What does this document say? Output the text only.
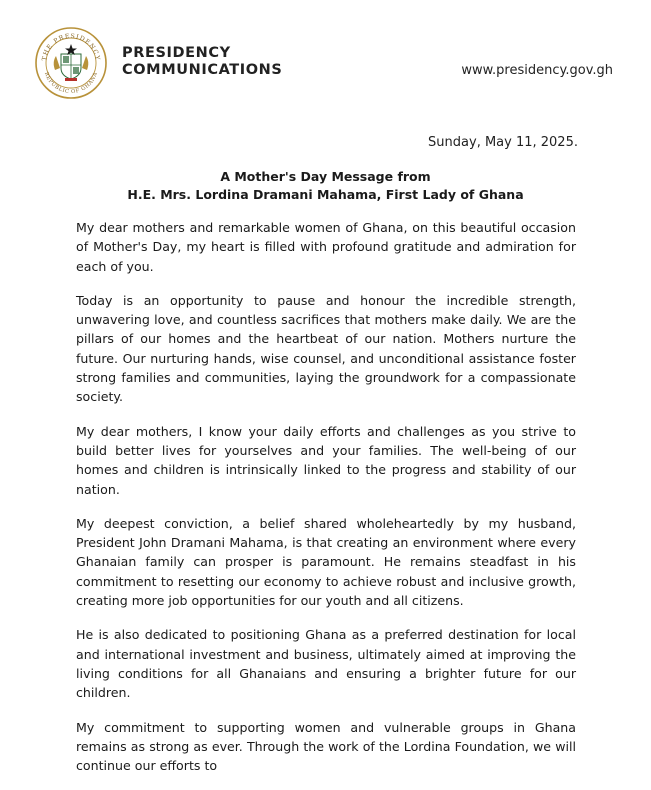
THE PRESIDENCY
REPUBLIC OF GHANA
PRESIDENCY
COMMUNICATIONS	www.presidency.gov.gh
Sunday, May 11, 2025.
A Mother's Day Message from
H.E. Mrs. Lordina Dramani Mahama, First Lady of Ghana

My dear mothers and remarkable women of Ghana, on this beautiful occasion of Mother's Day, my heart is filled with profound gratitude and admiration for each of you.

Today is an opportunity to pause and honour the incredible strength, unwavering love, and countless sacrifices that mothers make daily. We are the pillars of our homes and the heartbeat of our nation. Mothers nurture the future. Our nurturing hands, wise counsel, and unconditional assistance foster strong families and communities, laying the groundwork for a compassionate society.

My dear mothers, I know your daily efforts and challenges as you strive to build better lives for yourselves and your families. The well-being of our homes and children is intrinsically linked to the progress and stability of our nation.

My deepest conviction, a belief shared wholeheartedly by my husband, President John Dramani Mahama, is that creating an environment where every Ghanaian family can prosper is paramount. He remains steadfast in his commitment to resetting our economy to achieve robust and inclusive growth, creating more job opportunities for our youth and all citizens.

He is also dedicated to positioning Ghana as a preferred destination for local and international investment and business, ultimately aimed at improving the living conditions for all Ghanaians and ensuring a brighter future for our children.

My commitment to supporting women and vulnerable groups in Ghana remains as strong as ever. Through the work of the Lordina Foundation, we will continue our efforts to
